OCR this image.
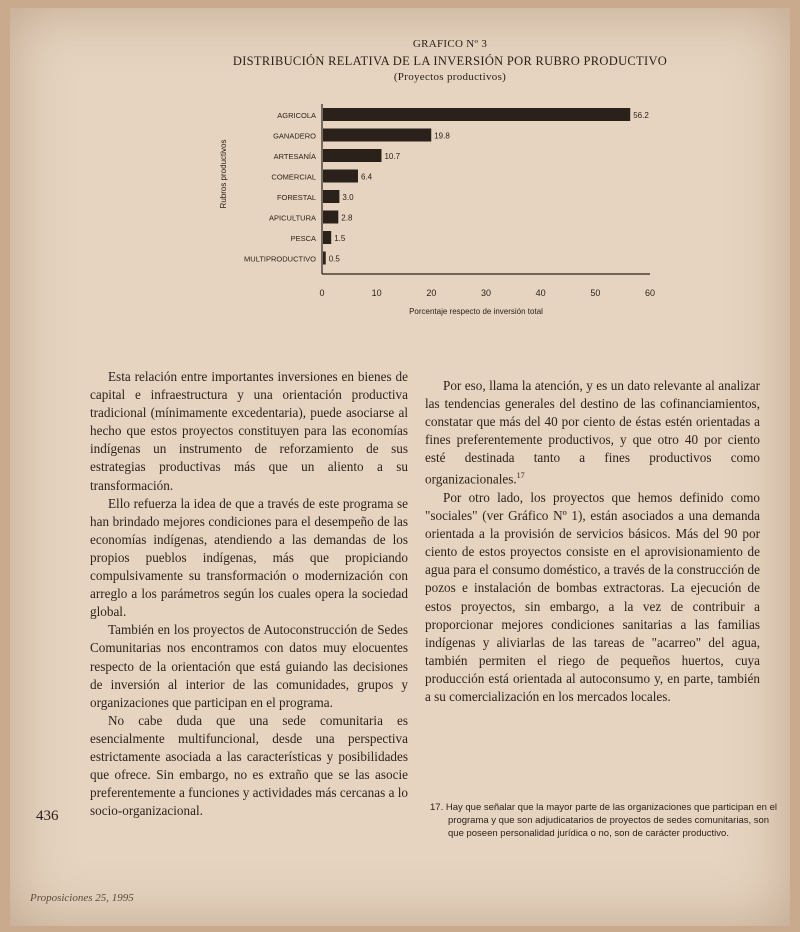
GRAFICO Nº 3
DISTRIBUCIÓN RELATIVA DE LA INVERSIÓN POR RUBRO PRODUCTIVO
(Proyectos productivos)
AGRICOLA	56.2
GANADERO	19.8
ARTESANÍA	10.7
COMERCIAL	6.4
FORESTAL	3.0
APICULTURA	2.8
PESCA 1.5
MULTIPRODUCTIVO 0.5
0	10	20	30	40	50	60
Porcentaje respecto de inversión total
Rubros productivos

Esta relación entre importantes inversiones en bienes de capital e infraestructura y una orientación productiva tradicional (mínimamente excedentaria), puede asociarse al hecho que estos proyectos constituyen para las economías indígenas un instrumento de reforzamiento de sus estrategias productivas más que un aliento a su transformación.

Ello refuerza la idea de que a través de este programa se han brindado mejores condiciones para el desempeño de las economías indígenas, atendiendo a las demandas de los propios pueblos indígenas, más que propiciando compulsivamente su transformación o modernización con arreglo a los parámetros según los cuales opera la sociedad global.

También en los proyectos de Autoconstrucción de Sedes Comunitarias nos encontramos con datos muy elocuentes respecto de la orientación que está guiando las decisiones de inversión al interior de las comunidades, grupos y organizaciones que participan en el programa.

No cabe duda que una sede comunitaria es esencialmente multifuncional, desde una perspectiva estrictamente asociada a las características y posibilidades que ofrece. Sin embargo, no es extraño que se las asocie preferentemente a funciones y actividades más cercanas a lo socio-organizacional.

Por eso, llama la atención, y es un dato relevante al analizar las tendencias generales del destino de las cofinanciamientos, constatar que más del 40 por ciento de éstas estén orientadas a fines preferentemente productivos, y que otro 40 por ciento esté destinada tanto a fines productivos como organizacionales.$^{17}$

Por otro lado, los proyectos que hemos definido como "sociales" (ver Gráfico Nº 1), están asociados a una demanda orientada a la provisión de servicios básicos. Más del 90 por ciento de estos proyectos consiste en el aprovisionamiento de agua para el consumo doméstico, a través de la construcción de pozos e instalación de bombas extractoras. La ejecución de estos proyectos, sin embargo, a la vez de contribuir a proporcionar mejores condiciones sanitarias a las familias indígenas y aliviarlas de las tareas de "acarreo" del agua, también permiten el riego de pequeños huertos, cuya producción está orientada al autoconsumo y, en parte, también a su comercialización en los mercados locales.

436
17. Hay que señalar que la mayor parte de las organizaciones que participan en el programa y que son adjudicatarios de proyectos de sedes comunitarias, son que poseen personalidad jurídica o no, son de carácter productivo.
Proposiciones 25, 1995
